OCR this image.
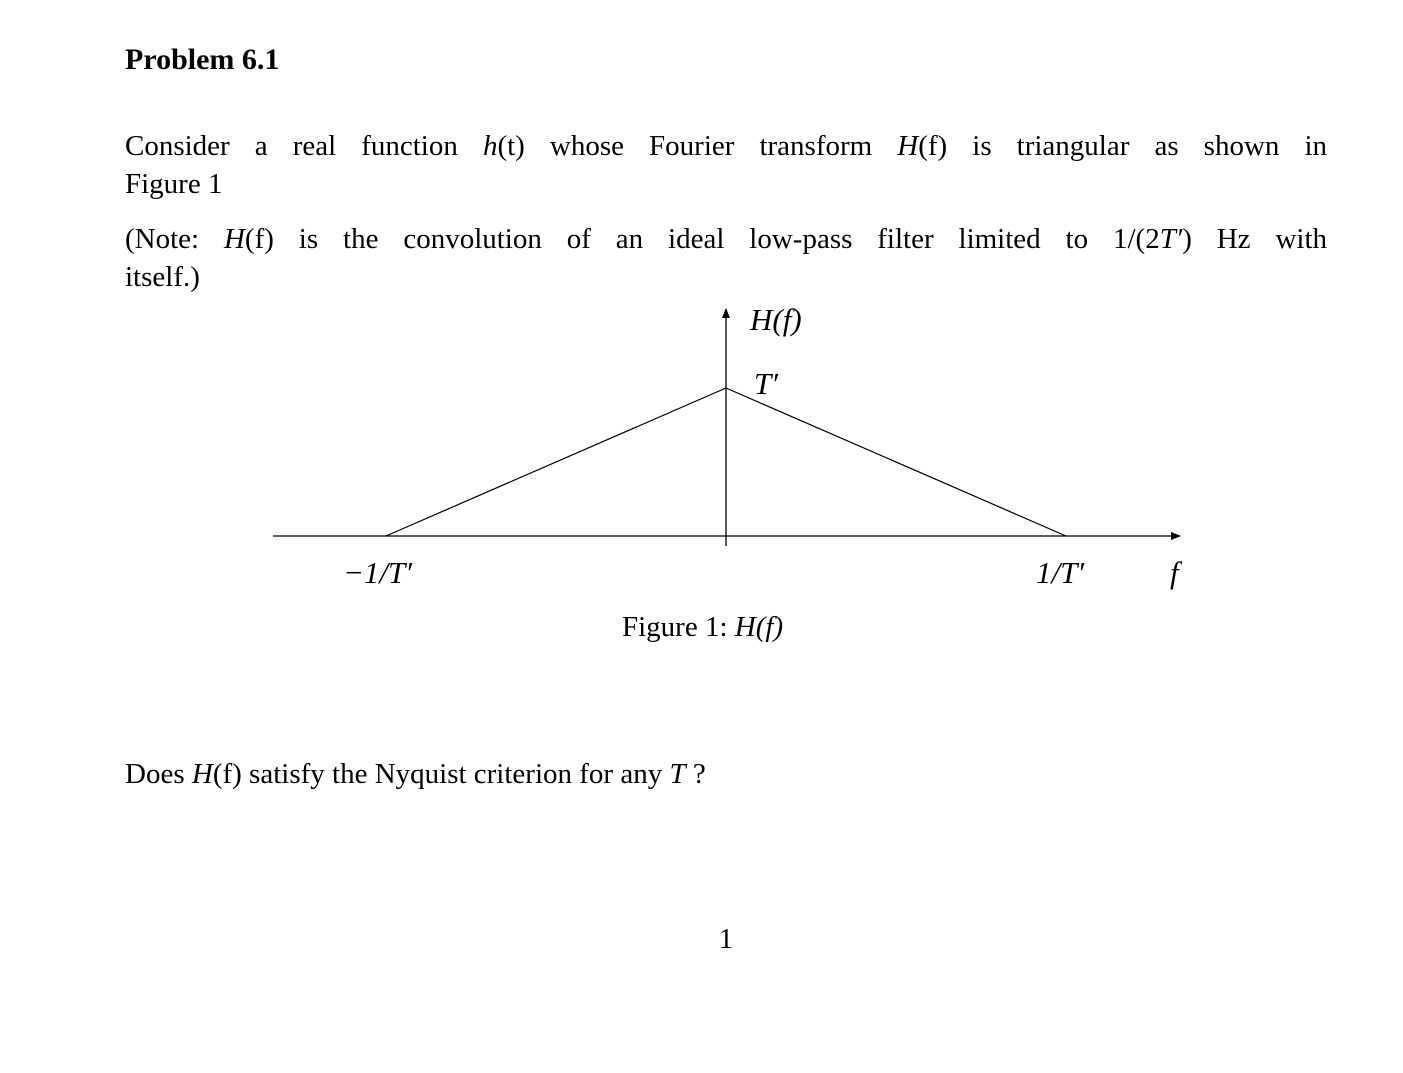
Problem 6.1
Consider a real function h(t) whose Fourier transform H(f) is triangular as shown in
Figure 1
(Note: H(f) is the convolution of an ideal low-pass filter limited to 1/(2T′) Hz with
itself.)
H(f)
T′
−1/T′	1/T′	f
Figure 1: H(f)
Does H(f) satisfy the Nyquist criterion for any T ?
1
